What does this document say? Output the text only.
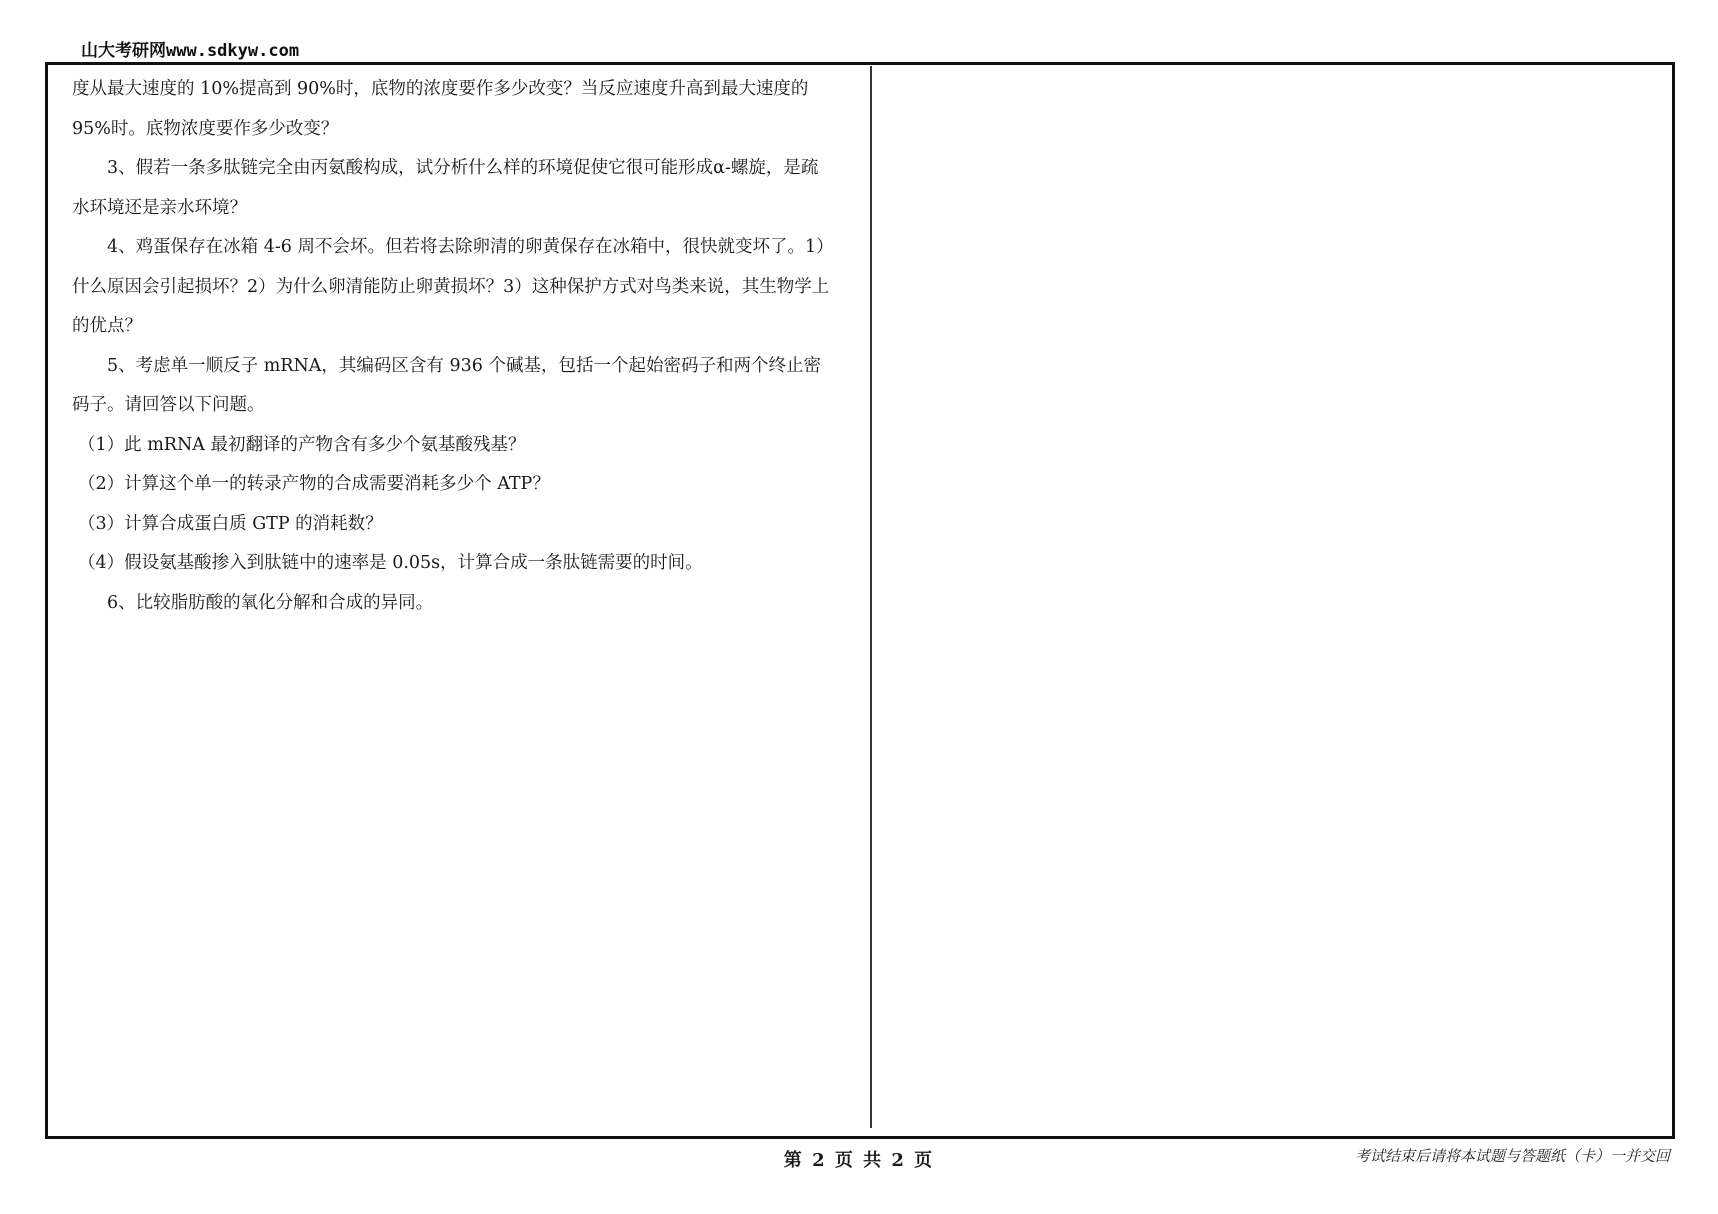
山大考研网www.sdkyw.com

度从最大速度的 10%提高到 90%时，底物的浓度要作多少改变？当反应速度升高到最大速度的 95%时。底物浓度要作多少改变？

3、假若一条多肽链完全由丙氨酸构成，试分析什么样的环境促使它很可能形成α-螺旋，是疏水环境还是亲水环境？

4、鸡蛋保存在冰箱 4-6 周不会坏。但若将去除卵清的卵黄保存在冰箱中，很快就变坏了。1）什么原因会引起损坏？2）为什么卵清能防止卵黄损坏？3）这种保护方式对鸟类来说，其生物学上的优点？

5、考虑单一顺反子 mRNA，其编码区含有 936 个碱基，包括一个起始密码子和两个终止密码子。请回答以下问题。

（1）此 mRNA 最初翻译的产物含有多少个氨基酸残基？

（2）计算这个单一的转录产物的合成需要消耗多少个 ATP？

（3）计算合成蛋白质 GTP 的消耗数？

（4）假设氨基酸掺入到肽链中的速率是 0.05s，计算合成一条肽链需要的时间。

6、比较脂肪酸的氧化分解和合成的异同。

第 2 页 共 2 页	考试结束后请将本试题与答题纸（卡）一并交回
